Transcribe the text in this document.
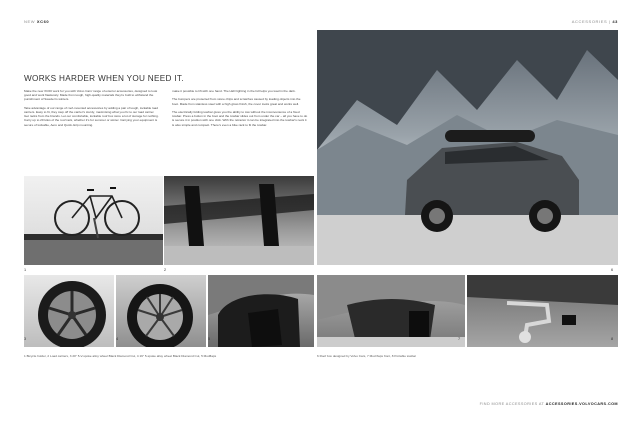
NEW XC60	ACCESSORIES | 43
WORKS HARDER WHEN YOU NEED IT.

Make the new XC60 work for you with Volvo Cars' range of exterior accessories, designed to look good and work flawlessly. Made from tough, high-quality materials they're built to withstand the punishment of Sweden's winters.

Take advantage of our range of roof-mounted accessories by adding a pair of tough, lockable load carriers. Easy to fit, they step off the carrier's sturdy, maximising what you fix to our load carrier. Get racks from the brands. Let our comfortable, lockable roof box store a lot of storage for nothing. Carry up to 20 kilos of the roof rack, whether it's for summer or winter. Carrying your equipment is secure of lockable, Aero and Quick-Grip mounting.

make it possible to lift with one hand. The LED lighting in the lid helps you load in the dark.

The bumpers are protected from stone chips and scratches caused by loading objects into the boot. Made from stainless steel with a high gloss finish, the cover looks great and works well.

The electrically folding towbar gives you the ability to tow without the inconvenience of a fixed towbar. Press a button in the boot and the towbar slides out from under the car – all you have to do is secure it in position with one click. With the retractor it can be integrated into the towbar's neck it is also simple and compact. There's even a bike rack to fit the towbar.

1	2
3	4	5
6
7	8
1 Bicycle holder, 2 Load carriers, 3 20" 5-V-spoke alloy wheel Black Diamond Cut, 4 19" 5-spoke alloy wheel Black Diamond Cut, 5 Mudflaps	6 Roof box designed by Volvo Cars, 7 Mud flaps front, 8 Portable towbar
FIND MORE ACCESSORIES AT ACCESSORIES.VOLVOCARS.COM
